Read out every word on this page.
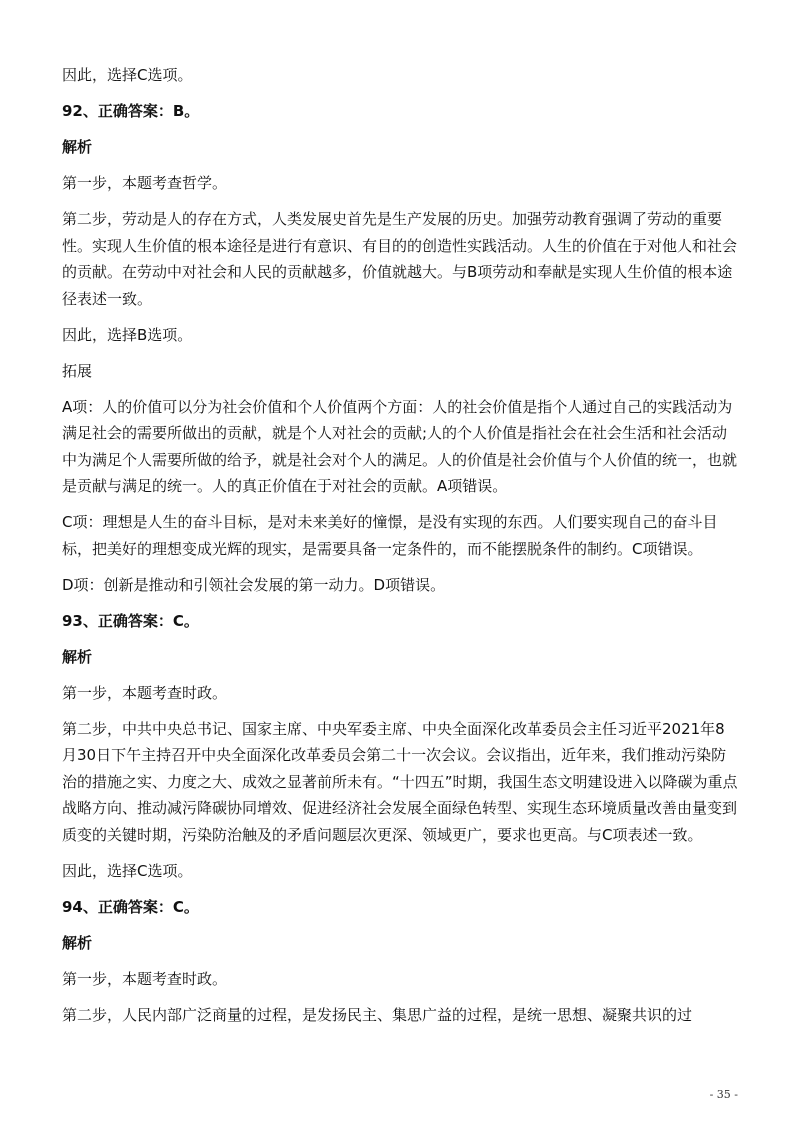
因此，选择C选项。

92、正确答案：B。

解析

第一步，本题考查哲学。

第二步，劳动是人的存在方式，人类发展史首先是生产发展的历史。加强劳动教育强调了劳动的重要性。实现人生价值的根本途径是进行有意识、有目的的创造性实践活动。人生的价值在于对他人和社会的贡献。在劳动中对社会和人民的贡献越多，价值就越大。与B项劳动和奉献是实现人生价值的根本途径表述一致。

因此，选择B选项。

拓展

A项：人的价值可以分为社会价值和个人价值两个方面：人的社会价值是指个人通过自己的实践活动为满足社会的需要所做出的贡献，就是个人对社会的贡献;人的个人价值是指社会在社会生活和社会活动中为满足个人需要所做的给予，就是社会对个人的满足。人的价值是社会价值与个人价值的统一，也就是贡献与满足的统一。人的真正价值在于对社会的贡献。A项错误。

C项：理想是人生的奋斗目标，是对未来美好的憧憬，是没有实现的东西。人们要实现自己的奋斗目标，把美好的理想变成光辉的现实，是需要具备一定条件的，而不能摆脱条件的制约。C项错误。

D项：创新是推动和引领社会发展的第一动力。D项错误。

93、正确答案：C。

解析

第一步，本题考查时政。

第二步，中共中央总书记、国家主席、中央军委主席、中央全面深化改革委员会主任习近平2021年8月30日下午主持召开中央全面深化改革委员会第二十一次会议。会议指出，近年来，我们推动污染防治的措施之实、力度之大、成效之显著前所未有。“十四五”时期，我国生态文明建设进入以降碳为重点战略方向、推动减污降碳协同增效、促进经济社会发展全面绿色转型、实现生态环境质量改善由量变到质变的关键时期，污染防治触及的矛盾问题层次更深、领域更广，要求也更高。与C项表述一致。

因此，选择C选项。

94、正确答案：C。

解析

第一步，本题考查时政。

第二步，人民内部广泛商量的过程，是发扬民主、集思广益的过程，是统一思想、凝聚共识的过

- 35 -
